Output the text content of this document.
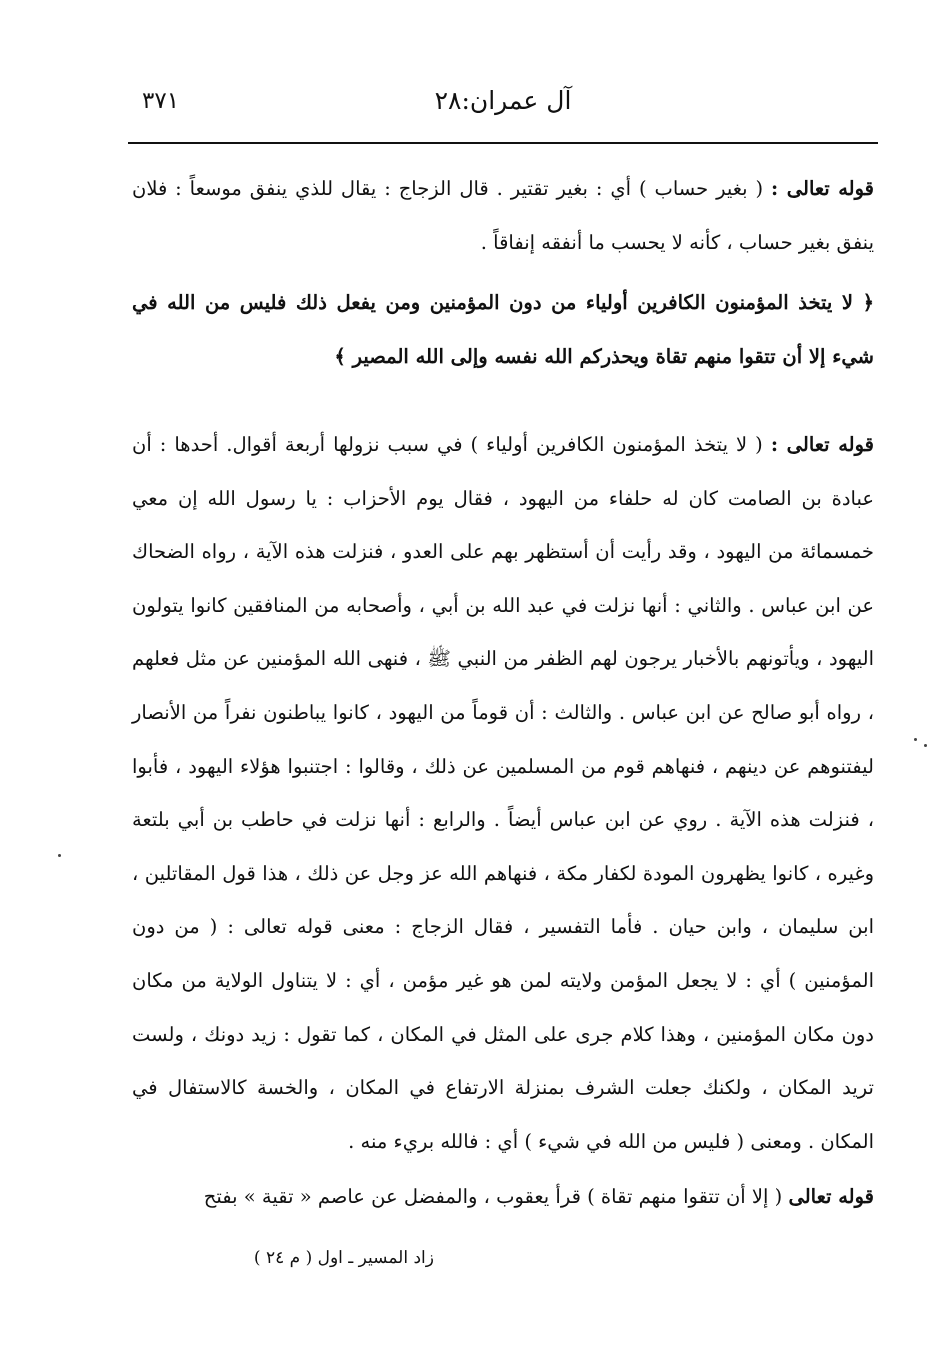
آل عمران:٢٨
٣٧١
قوله تعالى : ( بغير حساب ) أي : بغير تقتير . قال الزجاج : يقال للذي ينفق موسعاً : فلان ينفق بغير حساب ، كأنه لا يحسب ما أنفقه إنفاقاً .
﴿ لا يتخذ المؤمنون الكافرين أولياء من دون المؤمنين ومن يفعل ذلك فليس من الله في شيء إلا أن تتقوا منهم تقاة ويحذركم الله نفسه وإلى الله المصير ﴾
قوله تعالى : ( لا يتخذ المؤمنون الكافرين أولياء ) في سبب نزولها أربعة أقوال. أحدها : أن عبادة بن الصامت كان له حلفاء من اليهود ، فقال يوم الأحزاب : يا رسول الله إن معي خمسمائة من اليهود ، وقد رأيت أن أستظهر بهم على العدو ، فنزلت هذه الآية ، رواه الضحاك عن ابن عباس . والثاني : أنها نزلت في عبد الله بن أبي ، وأصحابه من المنافقين كانوا يتولون اليهود ، ويأتونهم بالأخبار يرجون لهم الظفر من النبي ﷺ ، فنهى الله المؤمنين عن مثل فعلهم ، رواه أبو صالح عن ابن عباس . والثالث : أن قوماً من اليهود ، كانوا يباطنون نفراً من الأنصار ليفتنوهم عن دينهم ، فنهاهم قوم من المسلمين عن ذلك ، وقالوا : اجتنبوا هؤلاء اليهود ، فأبوا ، فنزلت هذه الآية . روي عن ابن عباس أيضاً . والرابع : أنها نزلت في حاطب بن أبي بلتعة وغيره ، كانوا يظهرون المودة لكفار مكة ، فنهاهم الله عز وجل عن ذلك ، هذا قول المقاتلين ، ابن سليمان ، وابن حيان . فأما التفسير ، فقال الزجاج : معنى قوله تعالى : ( من دون المؤمنين ) أي : لا يجعل المؤمن ولايته لمن هو غير مؤمن ، أي : لا يتناول الولاية من مكان دون مكان المؤمنين ، وهذا كلام جرى على المثل في المكان ، كما تقول : زيد دونك ، ولست تريد المكان ، ولكنك جعلت الشرف بمنزلة الارتفاع في المكان ، والخسة كالاستفال في المكان . ومعنى ( فليس من الله في شيء ) أي : فالله بريء منه .
قوله تعالى ( إلا أن تتقوا منهم تقاة ) قرأ يعقوب ، والمفضل عن عاصم « تقية » بفتح
زاد المسير ـ اول ( م ٢٤ )
